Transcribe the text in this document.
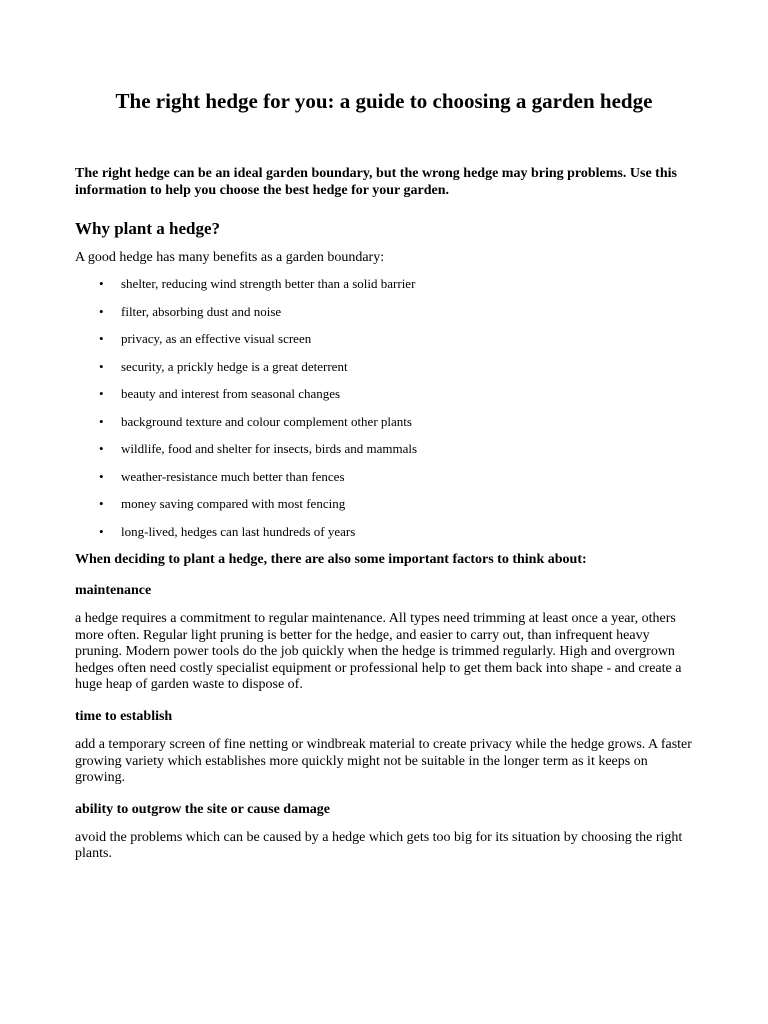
The right hedge for you: a guide to choosing a garden hedge

The right hedge can be an ideal garden boundary, but the wrong hedge may bring problems. Use this information to help you choose the best hedge for your garden.

Why plant a hedge?

A good hedge has many benefits as a garden boundary:

• shelter, reducing wind strength better than a solid barrier
• filter, absorbing dust and noise
• privacy, as an effective visual screen
• security, a prickly hedge is a great deterrent
• beauty and interest from seasonal changes
• background texture and colour complement other plants
• wildlife, food and shelter for insects, birds and mammals
• weather-resistance much better than fences
• money saving compared with most fencing
• long-lived, hedges can last hundreds of years

When deciding to plant a hedge, there are also some important factors to think about:

maintenance

a hedge requires a commitment to regular maintenance. All types need trimming at least once a year, others more often. Regular light pruning is better for the hedge, and easier to carry out, than infrequent heavy pruning. Modern power tools do the job quickly when the hedge is trimmed regularly. High and overgrown hedges often need costly specialist equipment or professional help to get them back into shape - and create a huge heap of garden waste to dispose of.

time to establish

add a temporary screen of fine netting or windbreak material to create privacy while the hedge grows. A faster growing variety which establishes more quickly might not be suitable in the longer term as it keeps on growing.

ability to outgrow the site or cause damage

avoid the problems which can be caused by a hedge which gets too big for its situation by choosing the right plants.
